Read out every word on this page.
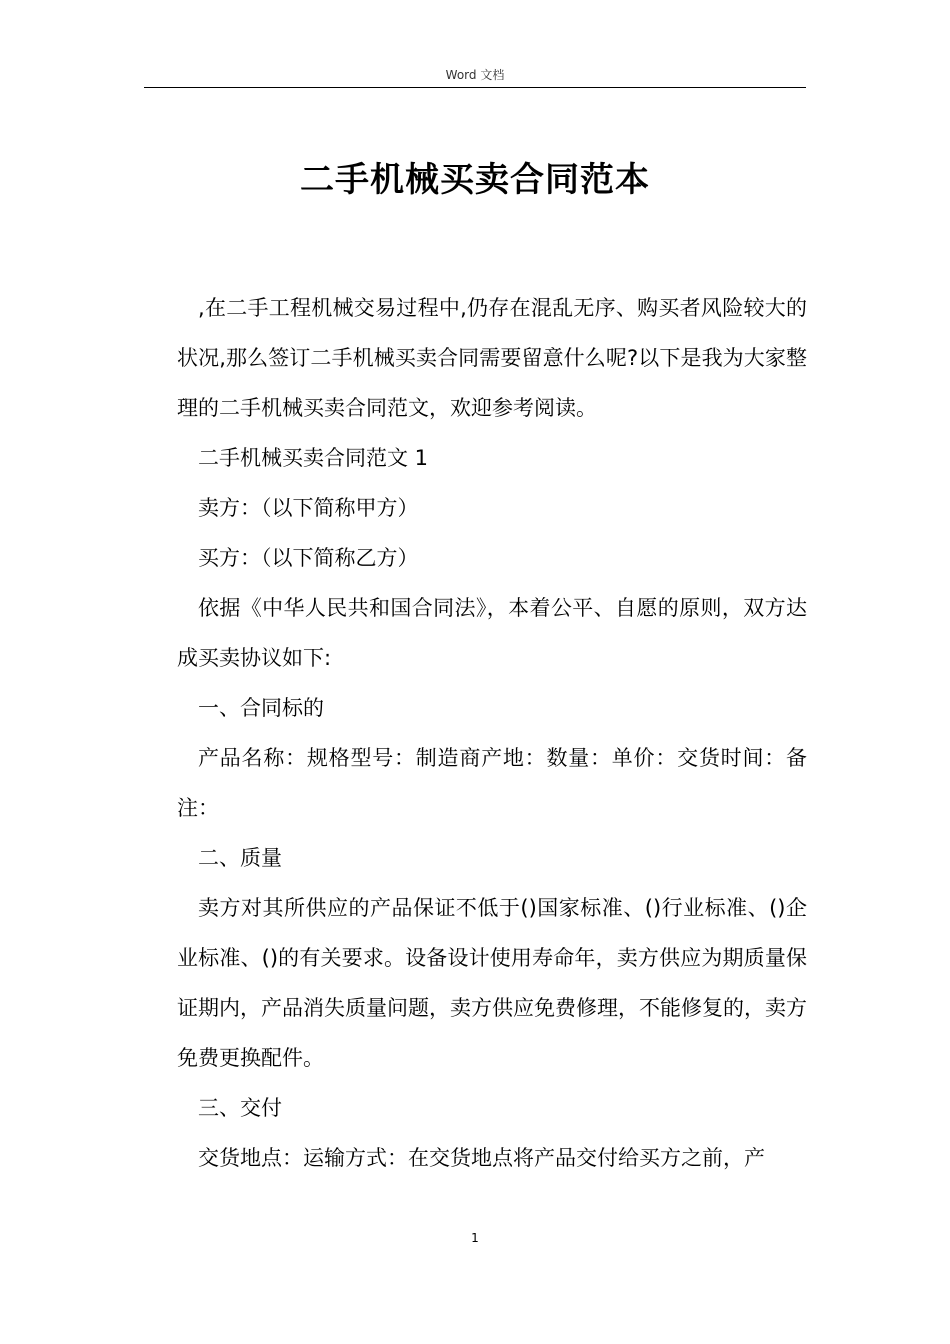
Word 文档
二手机械买卖合同范本

,在二手工程机械交易过程中,仍存在混乱无序、购买者风险较大的状况,那么签订二手机械买卖合同需要留意什么呢?以下是我为大家整理的二手机械买卖合同范文，欢迎参考阅读。

二手机械买卖合同范文 1

卖方：（以下简称甲方）

买方：（以下简称乙方）

依据《中华人民共和国合同法》，本着公平、自愿的原则，双方达成买卖协议如下:

一、合同标的

产品名称：规格型号：制造商产地：数量：单价：交货时间：备注：

二、质量

卖方对其所供应的产品保证不低于()国家标准、()行业标准、()企业标准、()的有关要求。设备设计使用寿命年，卖方供应为期质量保证期内，产品消失质量问题，卖方供应免费修理，不能修复的，卖方免费更换配件。

三、交付

交货地点：运输方式：在交货地点将产品交付给买方之前，产

1
